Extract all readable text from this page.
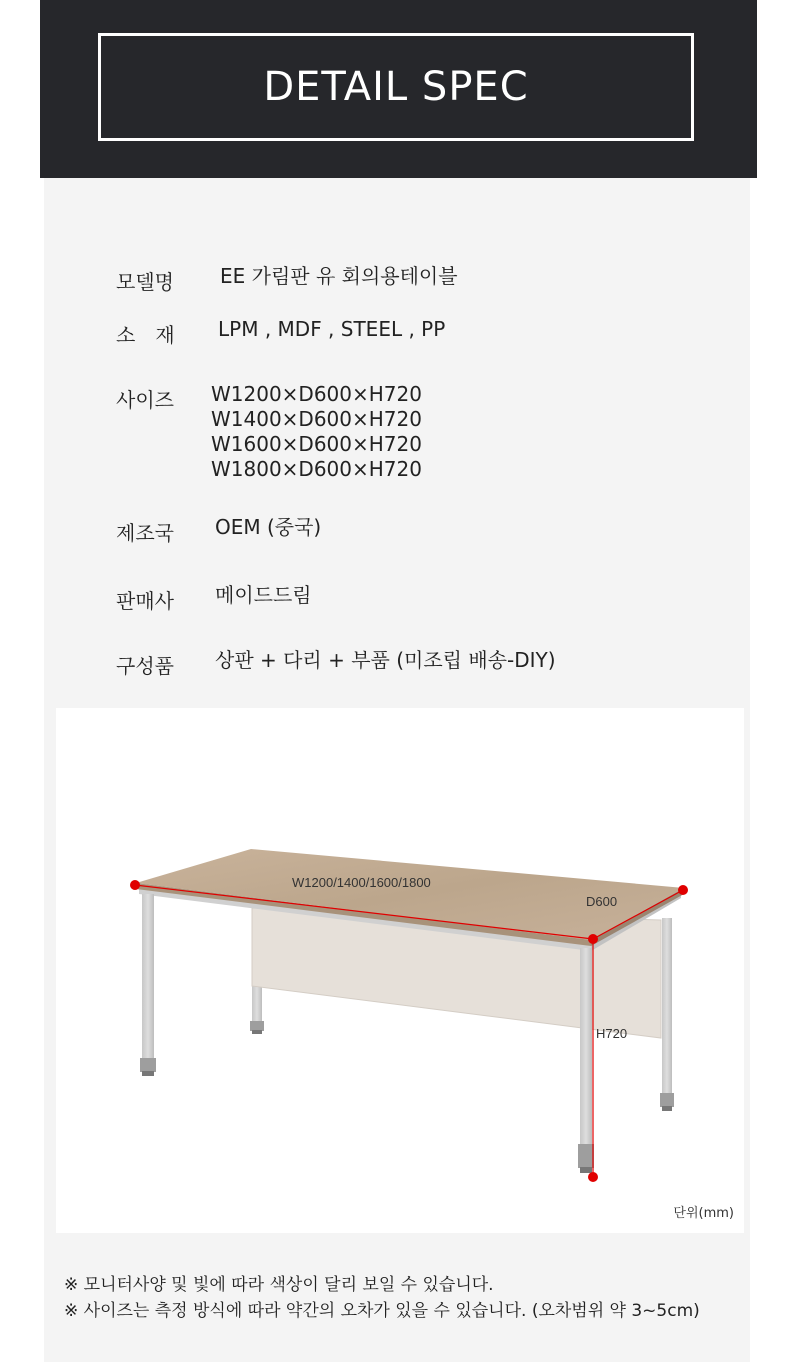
DETAIL SPEC
모델명 EE 가림판 유 회의용테이블
소　재 LPM , MDF , STEEL , PP
사이즈 W1200×D600×H720
W1400×D600×H720
W1600×D600×H720
W1800×D600×H720
제조국 OEM (중국)
판매사 메이드드림
구성품 상판 + 다리 + 부품 (미조립 배송-DIY)
W1200/1400/1600/1800
D600
H720
단위(mm)
※ 모니터사양 및 빛에 따라 색상이 달리 보일 수 있습니다.
※ 사이즈는 측정 방식에 따라 약간의 오차가 있을 수 있습니다. (오차범위 약 3~5cm)
